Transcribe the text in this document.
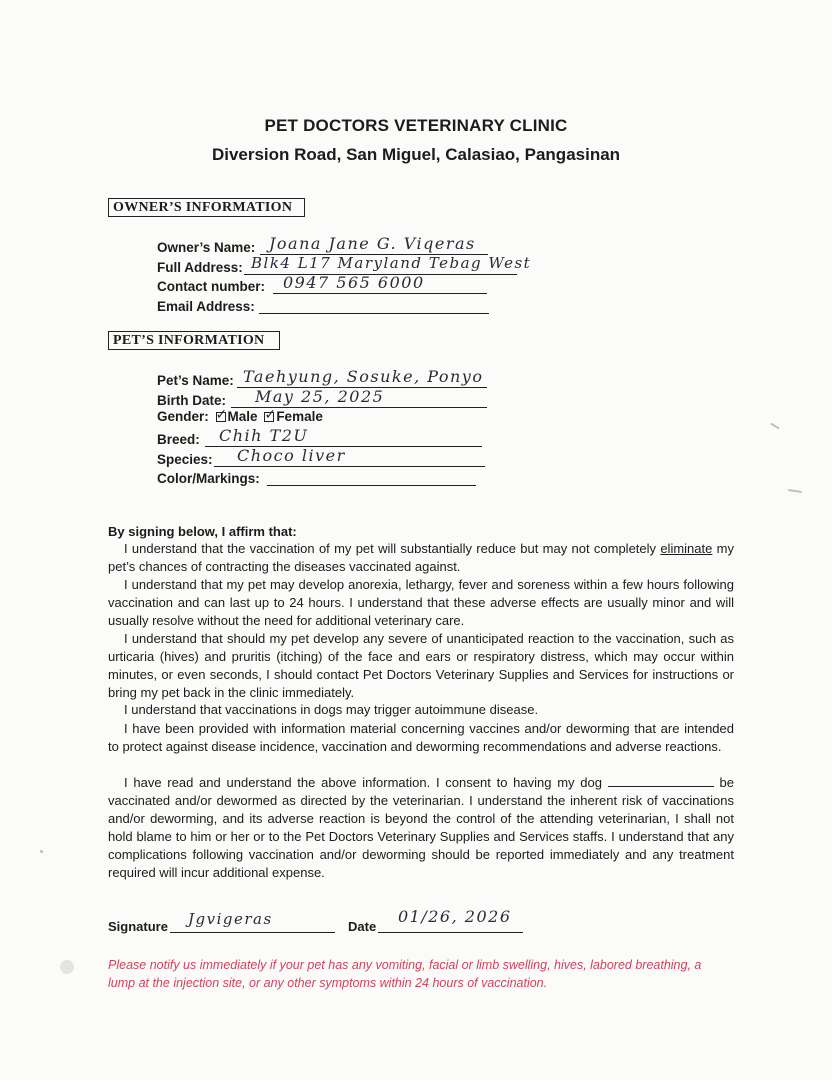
PET DOCTORS VETERINARY CLINIC
Diversion Road, San Miguel, Calasiao, Pangasinan
OWNER’S INFORMATION
Owner’s Name: Joana Jane G. Viqeras
Full Address: Blk4 L17 Maryland Tebag West
Contact number: 0947 565 6000
Email Address:
PET’S INFORMATION
Pet’s Name: Taehyung, Sosuke, Ponyo
Birth Date: May 25, 2025
Gender: ✓ Male ✓ Female
Breed: Chih T2U
Species: Choco liver
Color/Markings:
By signing below, I affirm that:

I understand that the vaccination of my pet will substantially reduce but may not completely eliminate my pet’s chances of contracting the diseases vaccinated against.

I understand that my pet may develop anorexia, lethargy, fever and soreness within a few hours following vaccination and can last up to 24 hours. I understand that these adverse effects are usually minor and will usually resolve without the need for additional veterinary care.

I understand that should my pet develop any severe of unanticipated reaction to the vaccination, such as urticaria (hives) and pruritis (itching) of the face and ears or respiratory distress, which may occur within minutes, or even seconds, I should contact Pet Doctors Veterinary Supplies and Services for instructions or bring my pet back in the clinic immediately.

I understand that vaccinations in dogs may trigger autoimmune disease.

I have been provided with information material concerning vaccines and/or deworming that are intended to protect against disease incidence, vaccination and deworming recommendations and adverse reactions.

I have read and understand the above information. I consent to having my dog	be vaccinated and/or dewormed as directed by the veterinarian. I understand the inherent risk of vaccinations and/or deworming, and its adverse reaction is beyond the control of the attending veterinarian, I shall not hold blame to him or her or to the Pet Doctors Veterinary Supplies and Services staffs. I understand that any complications following vaccination and/or deworming should be reported immediately and any treatment required will incur additional expense.

Signature Jgvigeras	Date
01/26, 2026
Please notify us immediately if your pet has any vomiting, facial or limb swelling, hives, labored breathing, a lump at the injection site, or any other symptoms within 24 hours of vaccination.
